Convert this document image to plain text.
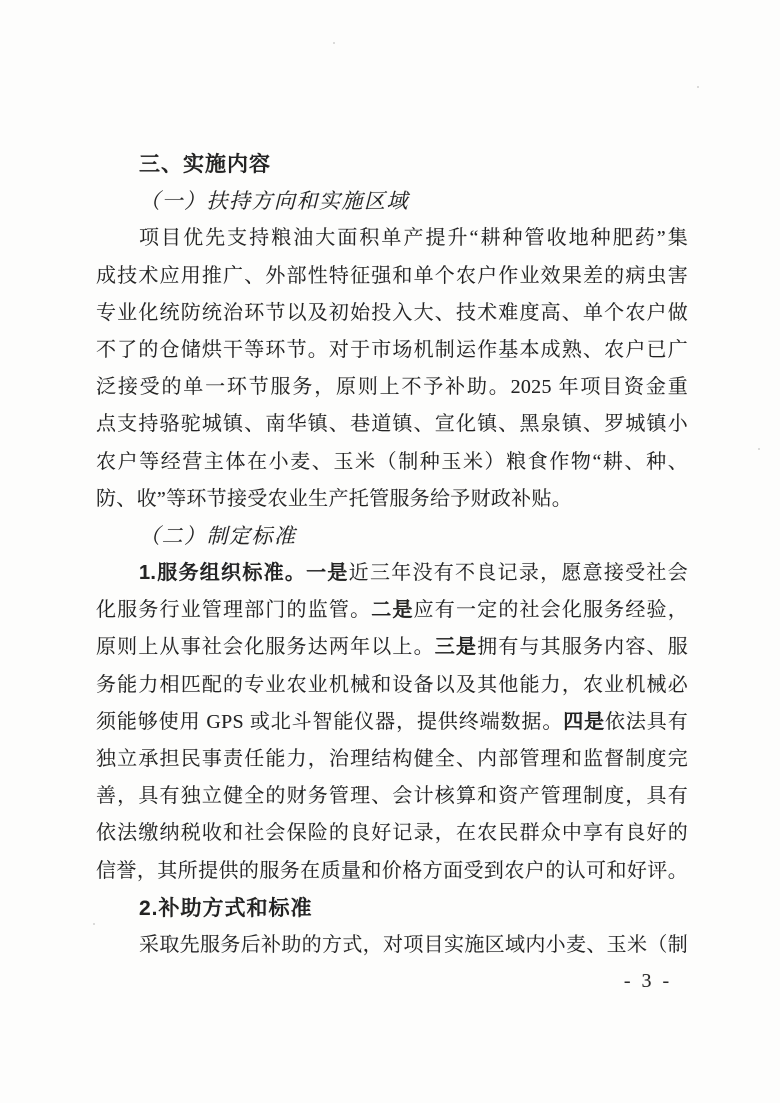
三、实施内容
（一）扶持方向和实施区域
项目优先支持粮油大面积单产提升“耕种管收地种肥药”集
成技术应用推广、外部性特征强和单个农户作业效果差的病虫害
专业化统防统治环节以及初始投入大、技术难度高、单个农户做
不了的仓储烘干等环节。对于市场机制运作基本成熟、农户已广
泛接受的单一环节服务，原则上不予补助。2025 年项目资金重
点支持骆驼城镇、南华镇、巷道镇、宣化镇、黑泉镇、罗城镇小
农户等经营主体在小麦、玉米（制种玉米）粮食作物“耕、种、
防、收”等环节接受农业生产托管服务给予财政补贴。
（二）制定标准
1.服务组织标准。一是近三年没有不良记录，愿意接受社会
化服务行业管理部门的监管。二是应有一定的社会化服务经验，
原则上从事社会化服务达两年以上。三是拥有与其服务内容、服
务能力相匹配的专业农业机械和设备以及其他能力，农业机械必
须能够使用 GPS 或北斗智能仪器，提供终端数据。四是依法具有
独立承担民事责任能力，治理结构健全、内部管理和监督制度完
善，具有独立健全的财务管理、会计核算和资产管理制度，具有
依法缴纳税收和社会保险的良好记录，在农民群众中享有良好的
信誉，其所提供的服务在质量和价格方面受到农户的认可和好评。
2.补助方式和标准
采取先服务后补助的方式，对项目实施区域内小麦、玉米（制
- 3 -
